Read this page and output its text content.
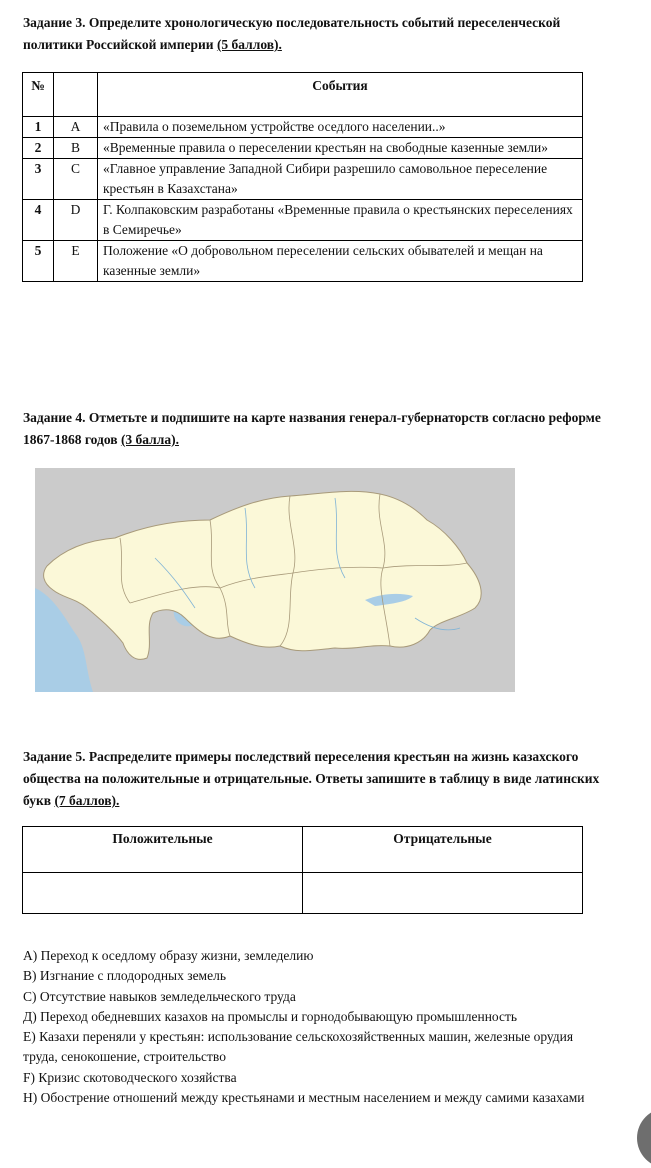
Задание 3. Определите хронологическую последовательность событий переселенческой политики Российской империи (5 баллов).
№		События
1	A	«Правила о поземельном устройстве оседлого населении..»
2	B	«Временные правила о переселении крестьян на свободные казенные земли»
3	C	«Главное управление Западной Сибири разрешило самовольное переселение крестьян в Казахстана»
4	D	Г. Колпаковским разработаны «Временные правила о крестьянских переселениях в Семиречье»
5	E	Положение «О добровольном переселении сельских обывателей и мещан на казенные земли»
Задание 4. Отметьте и подпишите на карте названия генерал-губернаторств согласно реформе 1867-1868 годов (3 балла).
Задание 5. Распределите примеры последствий переселения крестьян на жизнь казахского общества на положительные и отрицательные. Ответы запишите в таблицу в виде латинских букв (7 баллов).
Положительные	Отрицательные

А) Переход к оседлому образу жизни, земледелию
В) Изгнание с плодородных земель
С) Отсутствие навыков земледельческого труда
Д) Переход обедневших казахов на промыслы и горнодобывающую промышленность
Е) Казахи переняли у крестьян: использование сельскохозяйственных машин, железные орудия труда, сенокошение, строительство
F) Кризис скотоводческого хозяйства
Н) Обострение отношений между крестьянами и местным населением и между самими казахами
